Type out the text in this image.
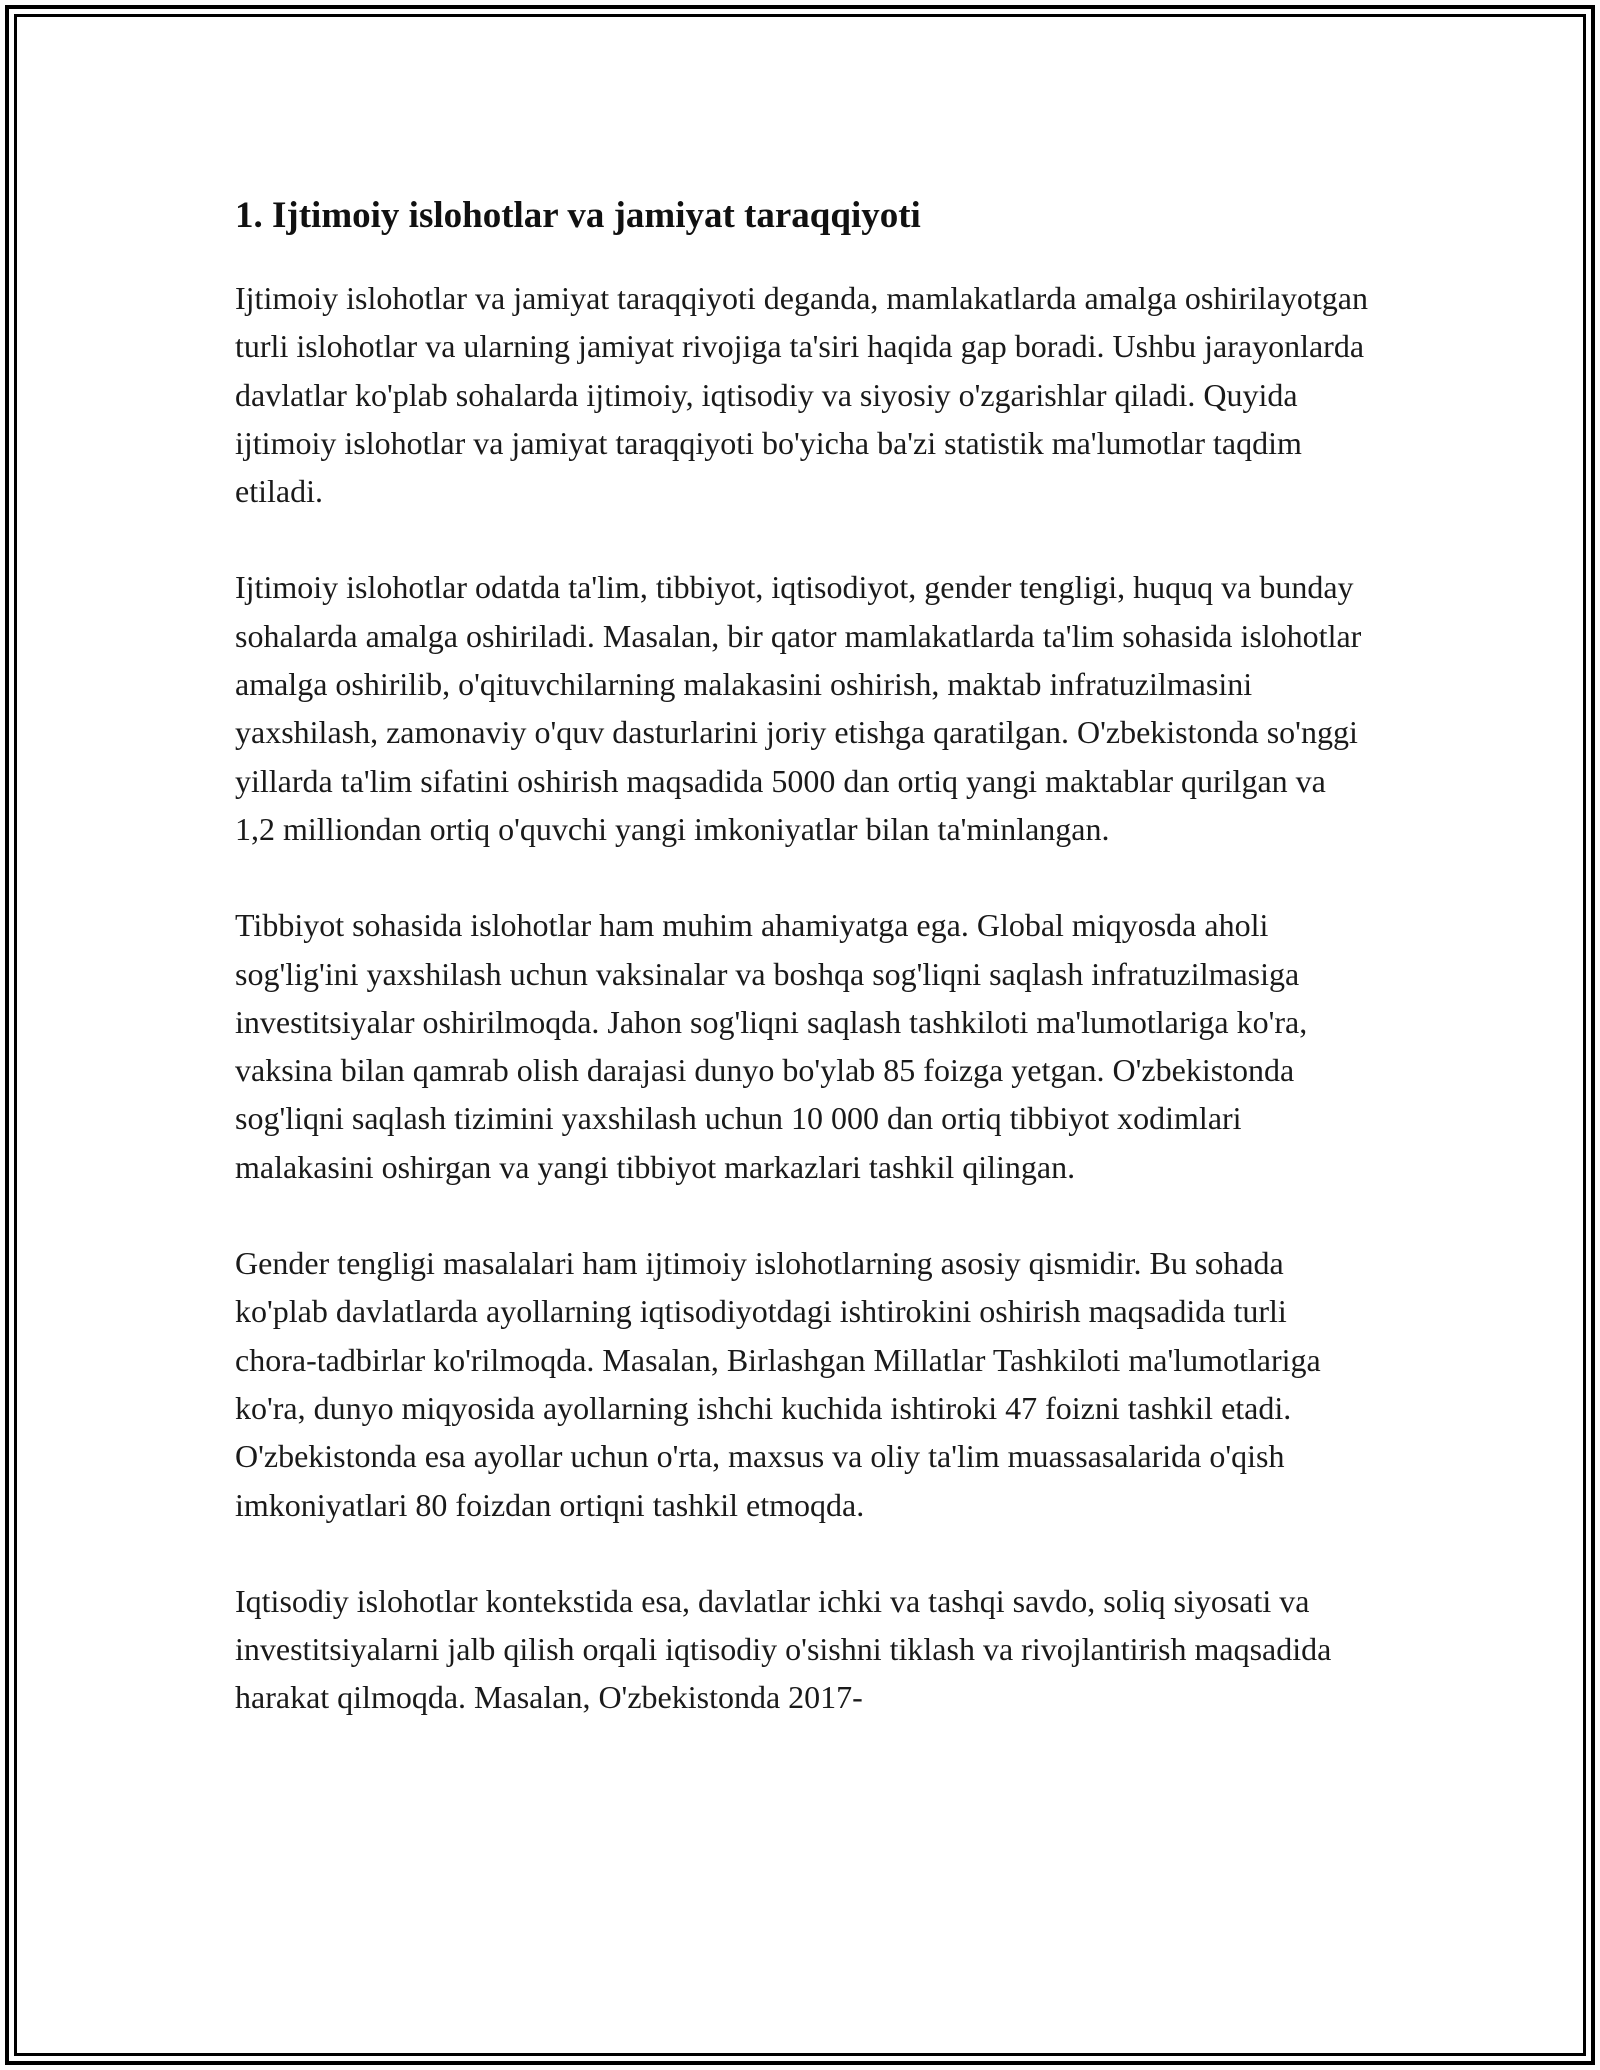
1. Ijtimoiy islohotlar va jamiyat taraqqiyoti

Ijtimoiy islohotlar va jamiyat taraqqiyoti deganda, mamlakatlarda amalga oshirilayotgan turli islohotlar va ularning jamiyat rivojiga ta'siri haqida gap boradi. Ushbu jarayonlarda davlatlar ko'plab sohalarda ijtimoiy, iqtisodiy va siyosiy o'zgarishlar qiladi. Quyida ijtimoiy islohotlar va jamiyat taraqqiyoti bo'yicha ba'zi statistik ma'lumotlar taqdim etiladi.

Ijtimoiy islohotlar odatda ta'lim, tibbiyot, iqtisodiyot, gender tengligi, huquq va bunday sohalarda amalga oshiriladi. Masalan, bir qator mamlakatlarda ta'lim sohasida islohotlar amalga oshirilib, o'qituvchilarning malakasini oshirish, maktab infratuzilmasini yaxshilash, zamonaviy o'quv dasturlarini joriy etishga qaratilgan. O'zbekistonda so'nggi yillarda ta'lim sifatini oshirish maqsadida 5000 dan ortiq yangi maktablar qurilgan va 1,2 milliondan ortiq o'quvchi yangi imkoniyatlar bilan ta'minlangan.

Tibbiyot sohasida islohotlar ham muhim ahamiyatga ega. Global miqyosda aholi sog'lig'ini yaxshilash uchun vaksinalar va boshqa sog'liqni saqlash infratuzilmasiga investitsiyalar oshirilmoqda. Jahon sog'liqni saqlash tashkiloti ma'lumotlariga ko'ra, vaksina bilan qamrab olish darajasi dunyo bo'ylab 85 foizga yetgan. O'zbekistonda sog'liqni saqlash tizimini yaxshilash uchun 10 000 dan ortiq tibbiyot xodimlari malakasini oshirgan va yangi tibbiyot markazlari tashkil qilingan.

Gender tengligi masalalari ham ijtimoiy islohotlarning asosiy qismidir. Bu sohada ko'plab davlatlarda ayollarning iqtisodiyotdagi ishtirokini oshirish maqsadida turli chora-tadbirlar ko'rilmoqda. Masalan, Birlashgan Millatlar Tashkiloti ma'lumotlariga ko'ra, dunyo miqyosida ayollarning ishchi kuchida ishtiroki 47 foizni tashkil etadi. O'zbekistonda esa ayollar uchun o'rta, maxsus va oliy ta'lim muassasalarida o'qish imkoniyatlari 80 foizdan ortiqni tashkil etmoqda.

Iqtisodiy islohotlar kontekstida esa, davlatlar ichki va tashqi savdo, soliq siyosati va investitsiyalarni jalb qilish orqali iqtisodiy o'sishni tiklash va rivojlantirish maqsadida harakat qilmoqda. Masalan, O'zbekistonda 2017-
